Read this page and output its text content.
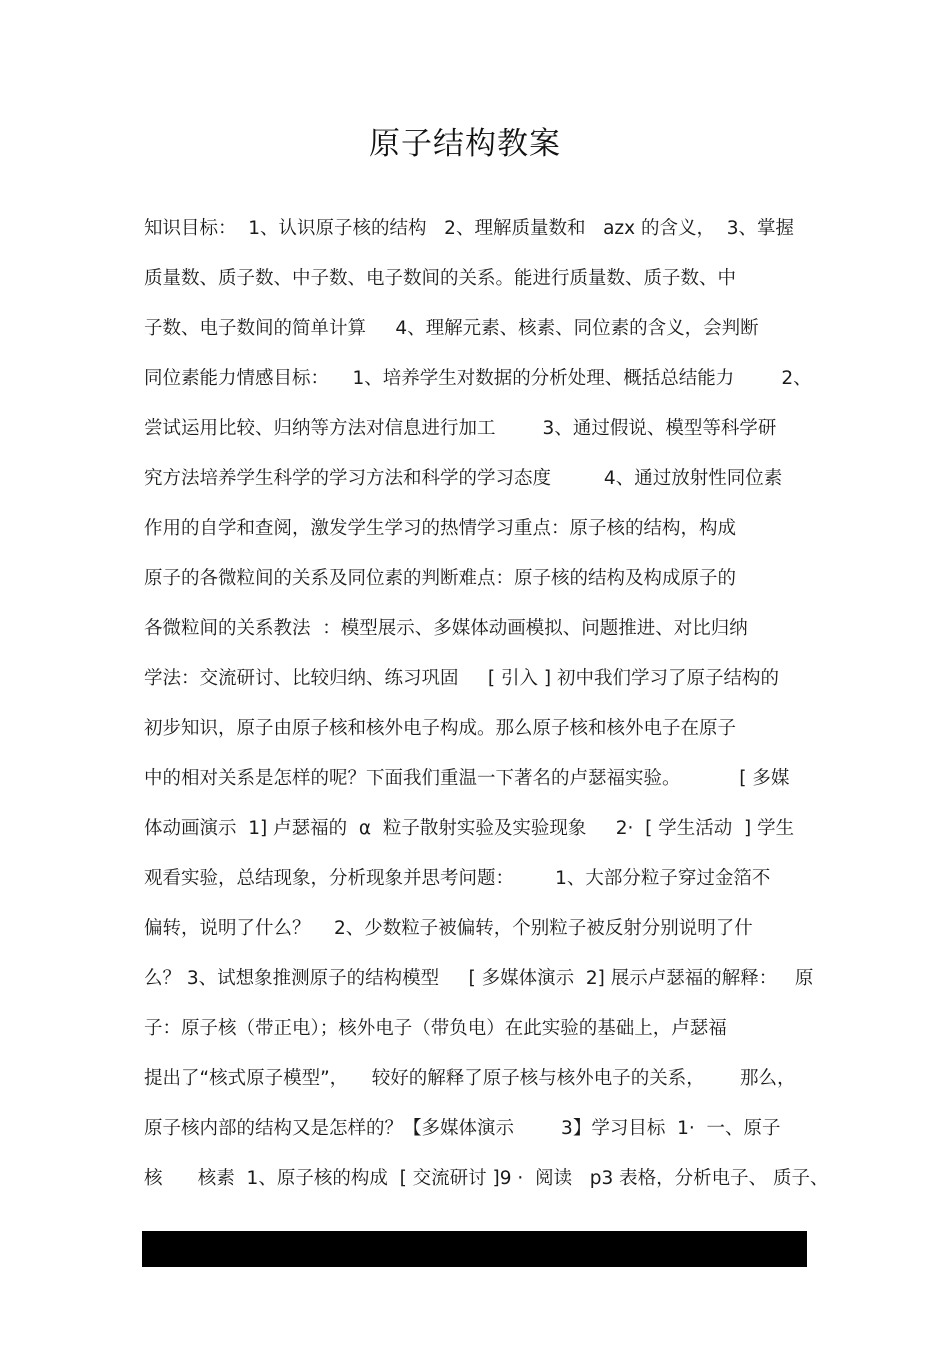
原子结构教案
知识目标：  1、认识原子核的结构   2、理解质量数和   azx 的含义，  3、掌握
质量数、质子数、中子数、电子数间的关系。能进行质量数、质子数、中
子数、电子数间的简单计算     4、理解元素、核素、同位素的含义，会判断
同位素能力情感目标：    1、培养学生对数据的分析处理、概括总结能力        2、
尝试运用比较、归纳等方法对信息进行加工        3、通过假说、模型等科学研
究方法培养学生科学的学习方法和科学的学习态度         4、通过放射性同位素
作用的自学和查阅，激发学生学习的热情学习重点：原子核的结构，构成
原子的各微粒间的关系及同位素的判断难点：原子核的结构及构成原子的
各微粒间的关系教法  ：模型展示、多媒体动画模拟、问题推进、对比归纳
学法：交流研讨、比较归纳、练习巩固     [ 引入 ] 初中我们学习了原子结构的
初步知识，原子由原子核和核外电子构成。那么原子核和核外电子在原子
中的相对关系是怎样的呢？下面我们重温一下著名的卢瑟福实验。          [ 多媒
体动画演示  1] 卢瑟福的  α  粒子散射实验及实验现象     2·  [ 学生活动  ] 学生
观看实验，总结现象，分析现象并思考问题：       1、大部分粒子穿过金箔不
偏转，说明了什么？    2、少数粒子被偏转，个别粒子被反射分别说明了什
么？ 3、试想象推测原子的结构模型     [ 多媒体演示  2] 展示卢瑟福的解释：   原
子：原子核（带正电）；核外电子（带负电）在此实验的基础上，卢瑟福
提出了“核式原子模型”，    较好的解释了原子核与核外电子的关系，      那么，
原子核内部的结构又是怎样的？【多媒体演示        3】学习目标  1·  一、原子
核      核素  1、原子核的构成  [ 交流研讨 ]9 ·  阅读   p3 表格，分析电子、 质子、
